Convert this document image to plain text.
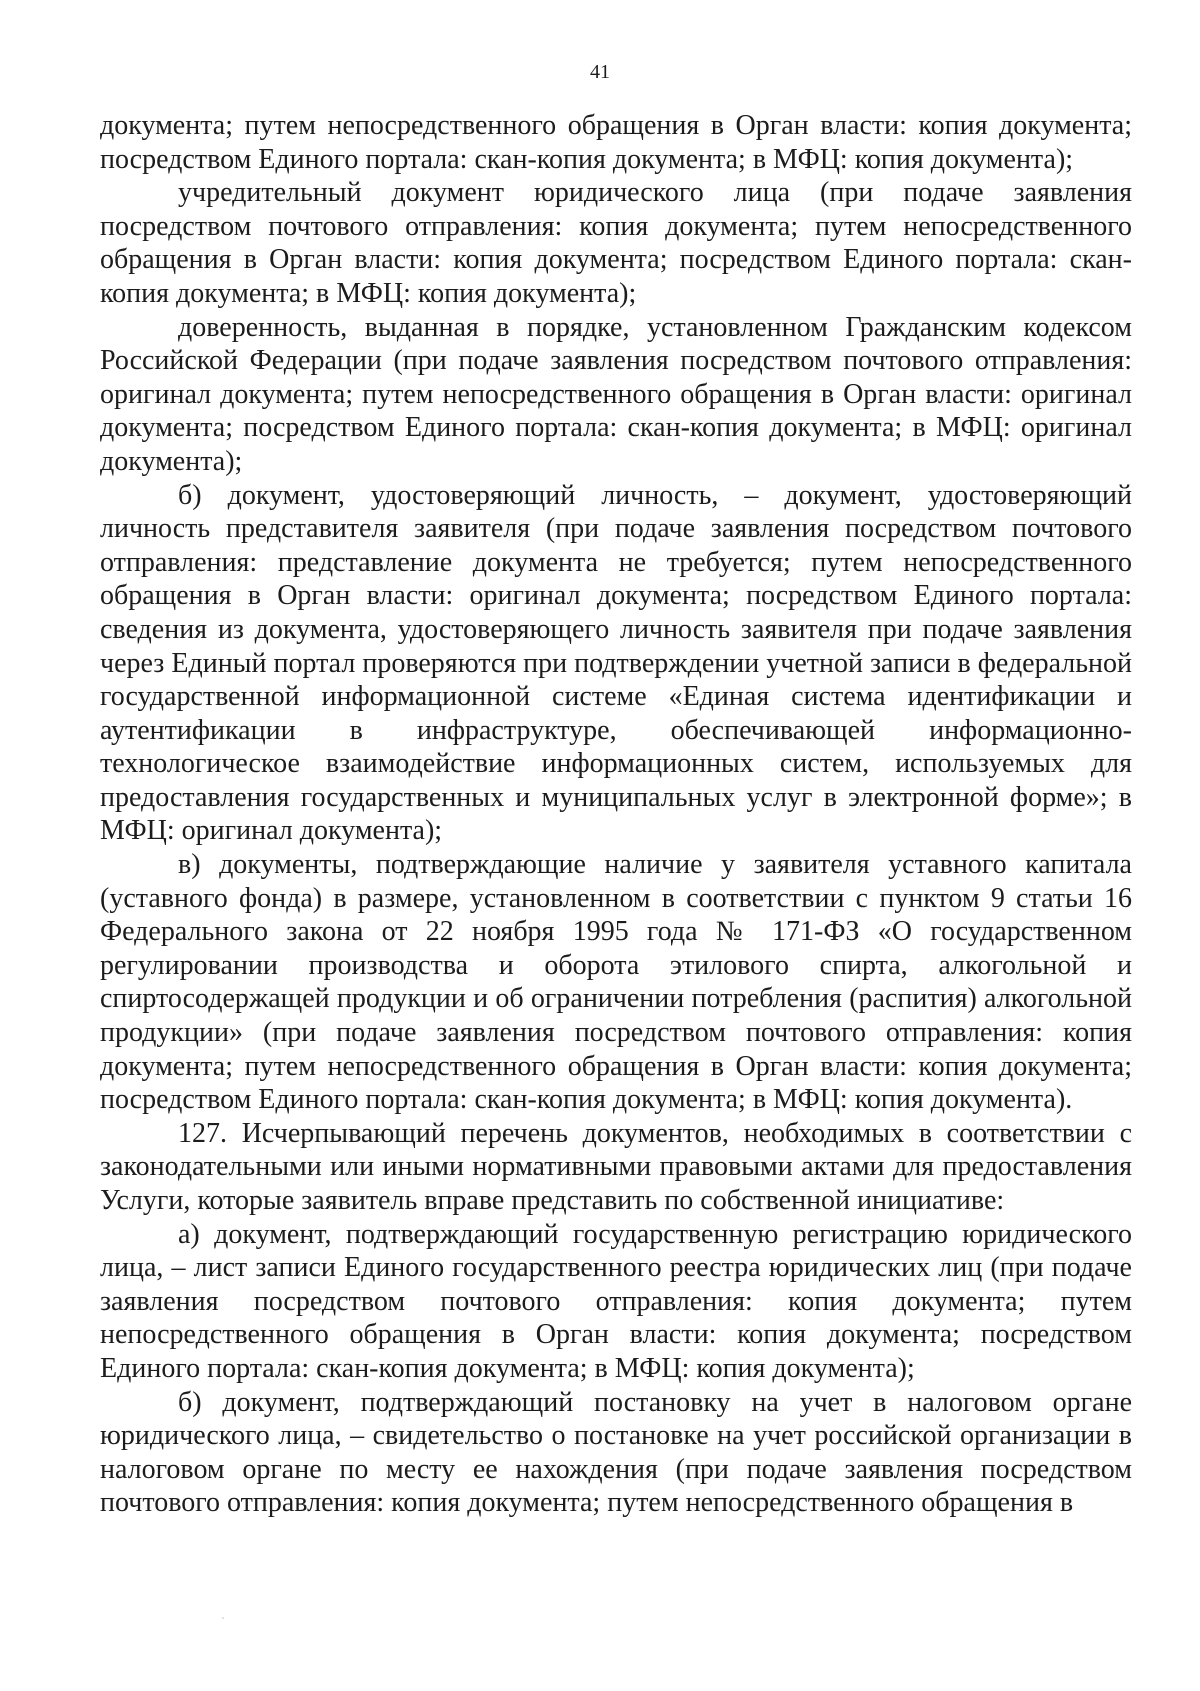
41

документа; путем непосредственного обращения в Орган власти: копия документа; посредством Единого портала: скан-копия документа; в МФЦ: копия документа);

учредительный документ юридического лица (при подаче заявления посредством почтового отправления: копия документа; путем непосредственного обращения в Орган власти: копия документа; посредством Единого портала: скан-копия документа; в МФЦ: копия документа);

доверенность, выданная в порядке, установленном Гражданским кодексом Российской Федерации (при подаче заявления посредством почтового отправления: оригинал документа; путем непосредственного обращения в Орган власти: оригинал документа; посредством Единого портала: скан-копия документа; в МФЦ: оригинал документа);

б) документ, удостоверяющий личность, – документ, удостоверяющий личность представителя заявителя (при подаче заявления посредством почтового отправления: представление документа не требуется; путем непосредственного обращения в Орган власти: оригинал документа; посредством Единого портала: сведения из документа, удостоверяющего личность заявителя при подаче заявления через Единый портал проверяются при подтверждении учетной записи в федеральной государственной информационной системе «Единая система идентификации и аутентификации в инфраструктуре, обеспечивающей информационно-технологическое взаимодействие информационных систем, используемых для предоставления государственных и муниципальных услуг в электронной форме»; в МФЦ: оригинал документа);

в) документы, подтверждающие наличие у заявителя уставного капитала (уставного фонда) в размере, установленном в соответствии с пунктом 9 статьи 16 Федерального закона от 22 ноября 1995 года № 171-ФЗ «О государственном регулировании производства и оборота этилового спирта, алкогольной и спиртосодержащей продукции и об ограничении потребления (распития) алкогольной продукции» (при подаче заявления посредством почтового отправления: копия документа; путем непосредственного обращения в Орган власти: копия документа; посредством Единого портала: скан-копия документа; в МФЦ: копия документа).

127. Исчерпывающий перечень документов, необходимых в соответствии с законодательными или иными нормативными правовыми актами для предоставления Услуги, которые заявитель вправе представить по собственной инициативе:

а) документ, подтверждающий государственную регистрацию юридического лица, – лист записи Единого государственного реестра юридических лиц (при подаче заявления посредством почтового отправления: копия документа; путем непосредственного обращения в Орган власти: копия документа; посредством Единого портала: скан-копия документа; в МФЦ: копия документа);

б) документ, подтверждающий постановку на учет в налоговом органе юридического лица, – свидетельство о постановке на учет российской организации в налоговом органе по месту ее нахождения (при подаче заявления посредством почтового отправления: копия документа; путем непосредственного обращения в
